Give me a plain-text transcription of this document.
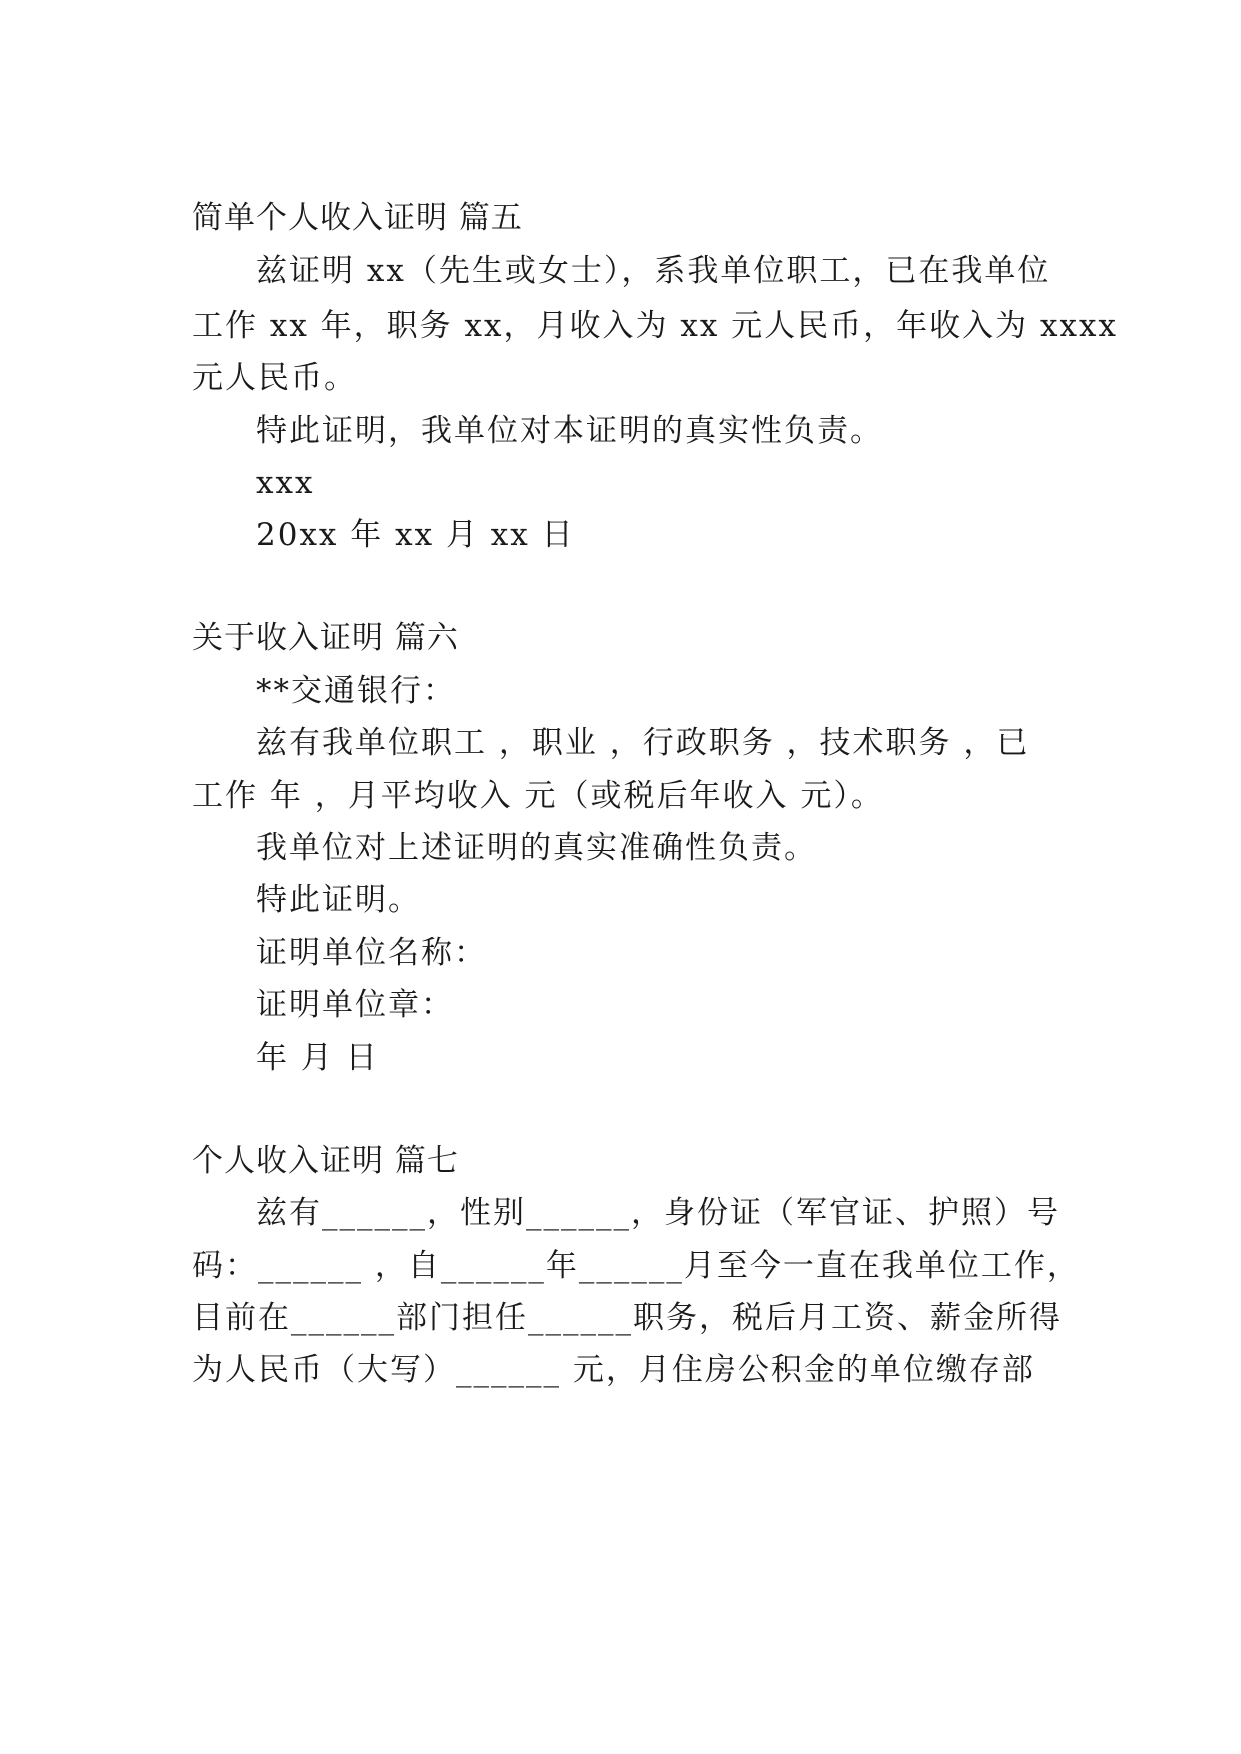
简单个人收入证明 篇五
兹证明 xx（先生或女士），系我单位职工，已在我单位
工作 xx 年，职务 xx，月收入为 xx 元人民币，年收入为 xxxx
元人民币。
特此证明，我单位对本证明的真实性负责。
xxx
20xx 年 xx 月 xx 日
关于收入证明 篇六
**交通银行：
兹有我单位职工 ，职业 ，行政职务 ，技术职务 ，已
工作 年 ，月平均收入 元（或税后年收入 元）。
我单位对上述证明的真实准确性负责。
特此证明。
证明单位名称：
证明单位章：
年 月 日
个人收入证明 篇七
兹有______，性别______，身份证（军官证、护照）号
码：______ ，自______年______月至今一直在我单位工作，
目前在______部门担任______职务，税后月工资、薪金所得
为人民币（大写）______ 元，月住房公积金的单位缴存部
